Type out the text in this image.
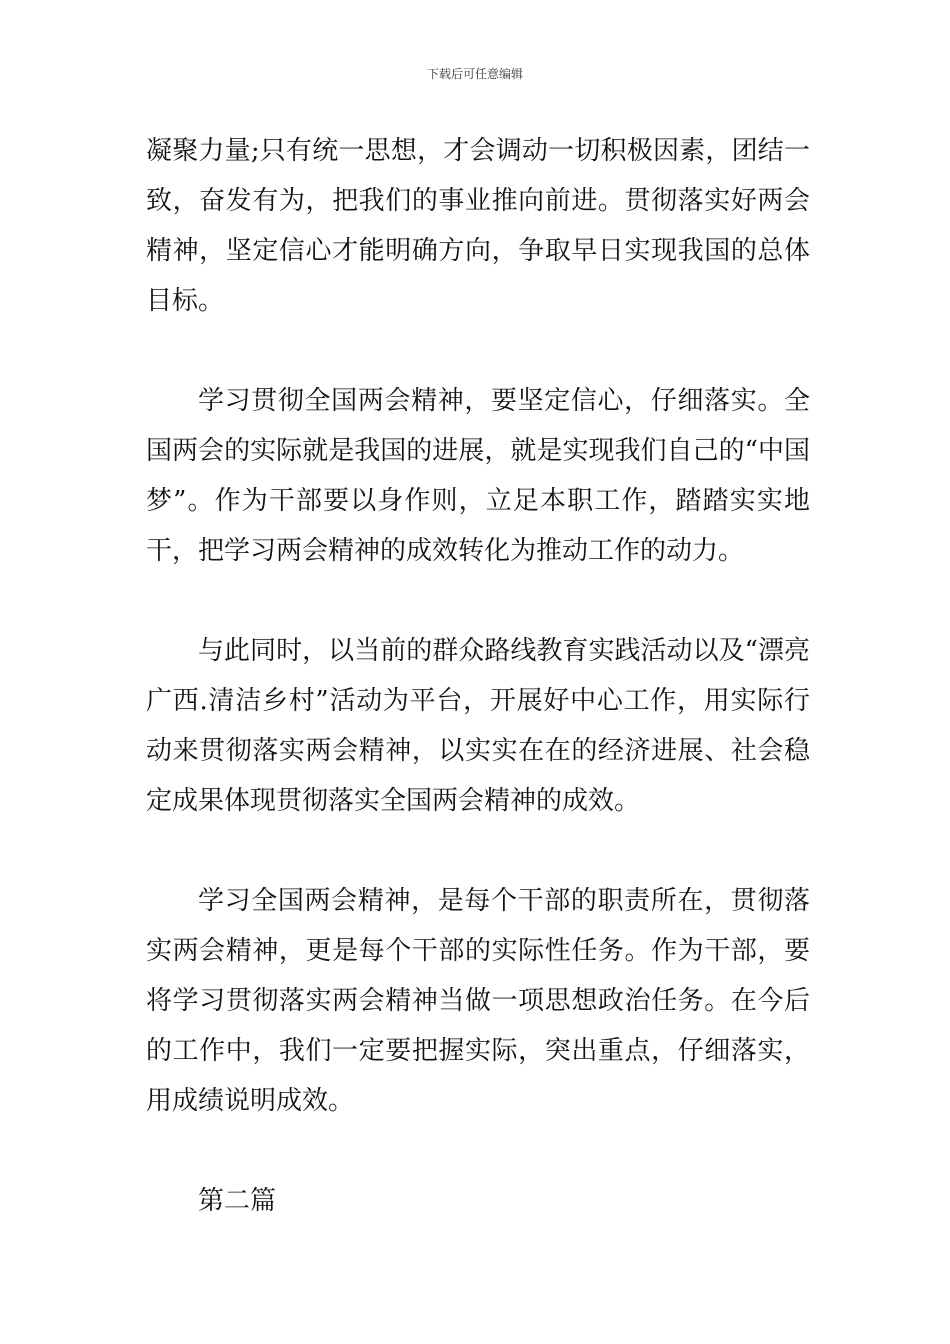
下载后可任意编辑

凝聚力量;只有统一思想，才会调动一切积极因素，团结一致，奋发有为，把我们的事业推向前进。贯彻落实好两会精神，坚定信心才能明确方向，争取早日实现我国的总体目标。

学习贯彻全国两会精神，要坚定信心，仔细落实。全国两会的实际就是我国的进展，就是实现我们自己的“中国梦”。作为干部要以身作则，立足本职工作，踏踏实实地干，把学习两会精神的成效转化为推动工作的动力。

与此同时，以当前的群众路线教育实践活动以及“漂亮广西.清洁乡村”活动为平台，开展好中心工作，用实际行动来贯彻落实两会精神，以实实在在的经济进展、社会稳定成果体现贯彻落实全国两会精神的成效。

学习全国两会精神，是每个干部的职责所在，贯彻落实两会精神，更是每个干部的实际性任务。作为干部，要将学习贯彻落实两会精神当做一项思想政治任务。在今后的工作中，我们一定要把握实际，突出重点，仔细落实，用成绩说明成效。

第二篇
